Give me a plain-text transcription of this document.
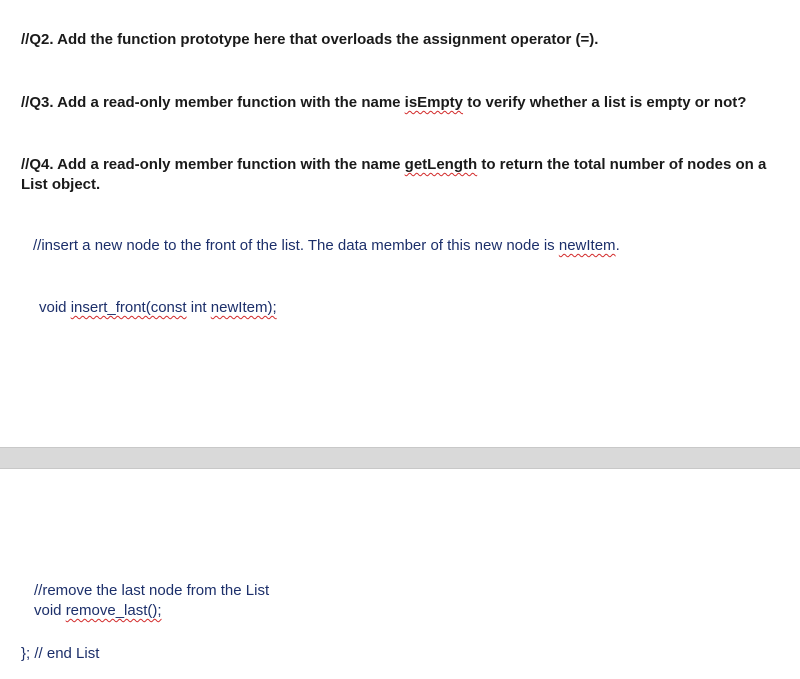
//Q2. Add the function prototype here that overloads the assignment operator (=).
//Q3. Add a read-only member function with the name isEmpty to verify whether a list is empty or not?
//Q4. Add a read-only member function with the name getLength to return the total number of nodes on a List object.
//insert a new node to the front of the list. The data member of this new node is newItem.
void insert_front(const int newItem);
//remove the last node from the List
void remove_last();
}; // end List
